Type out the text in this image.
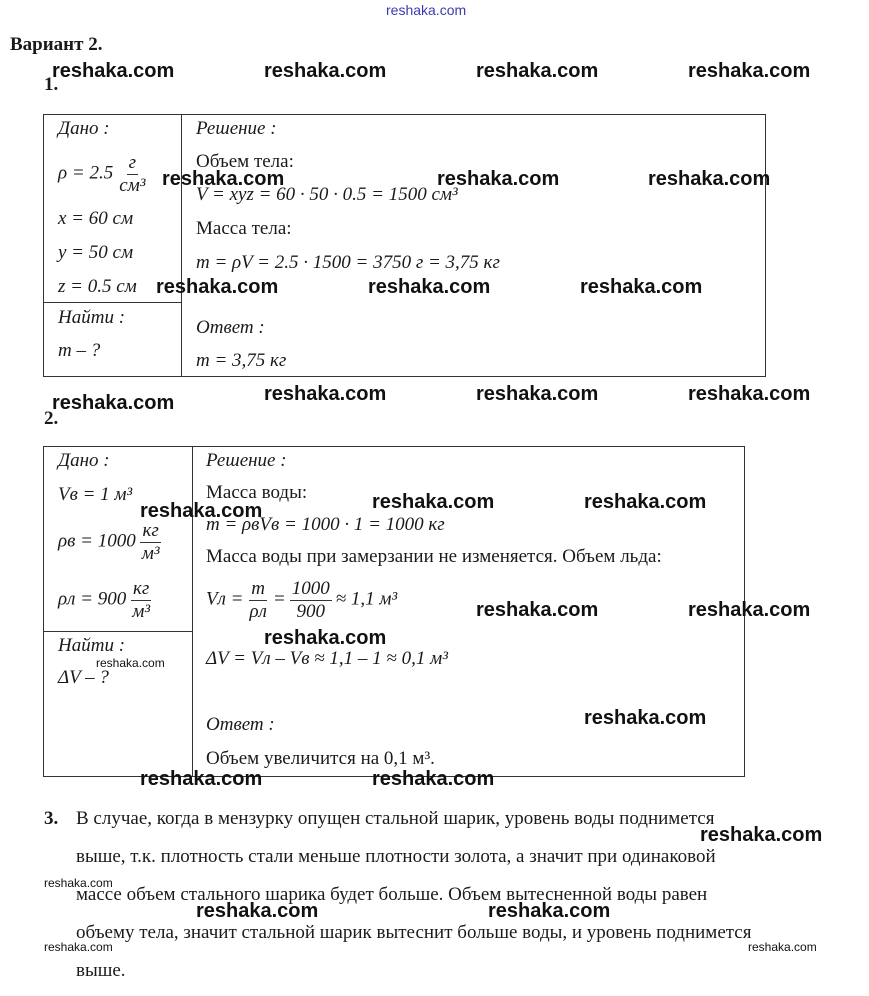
reshaka.com
Вариант 2.
1.
Дано :
$\rho = 2.5 \frac{г}{\text{см³}}$
x = 60 см
y = 50 см
z = 0.5 см
Найти :
m – ?
Решение :
Объем тела:
V = xyz = 60 · 50 · 0.5 = 1500 см³
Масса тела:
m = ρV = 2.5 · 1500 = 3750 г = 3,75 кг
Ответ :
m = 3,75 кг
2.
Дано :
Vв = 1 м³
$\rho в = 1000 \frac{кг}{\text{м³}}$
$\rho л = 900 \frac{кг}{\text{м³}}$
Найти :
ΔV – ?
Решение :
Масса воды:
m = ρвVв = 1000 · 1 = 1000 кг
Масса воды при замерзании не изменяется. Объем льда:
Vл = $\frac{m}{\rho л} = \frac{1000}{900} \approx 1,1$ м³
ΔV = Vл – Vв ≈ 1,1 – 1 ≈ 0,1 м³
Ответ :
Объем увеличится на 0,1 м³.
3. В случае, когда в мензурку опущен стальной шарик, уровень воды поднимется
выше, т.к. плотность стали меньше плотности золота, а значит при одинаковой
массе объем стального шарика будет больше. Объем вытесненной воды равен
объему тела, значит стальной шарик вытеснит больше воды, и уровень поднимется
выше.
reshaka.com	reshaka.com	reshaka.com	reshaka.com
reshaka.com	reshaka.com	reshaka.com
reshaka.com	reshaka.com	reshaka.com
reshaka.com	reshaka.com	reshaka.com	reshaka.com
reshaka.com	reshaka.com	reshaka.com
reshaka.com	reshaka.com
reshaka.com
reshaka.com
reshaka.com
reshaka.com	reshaka.com
reshaka.com
reshaka.com
reshaka.com	reshaka.com
reshaka.com	reshaka.com
